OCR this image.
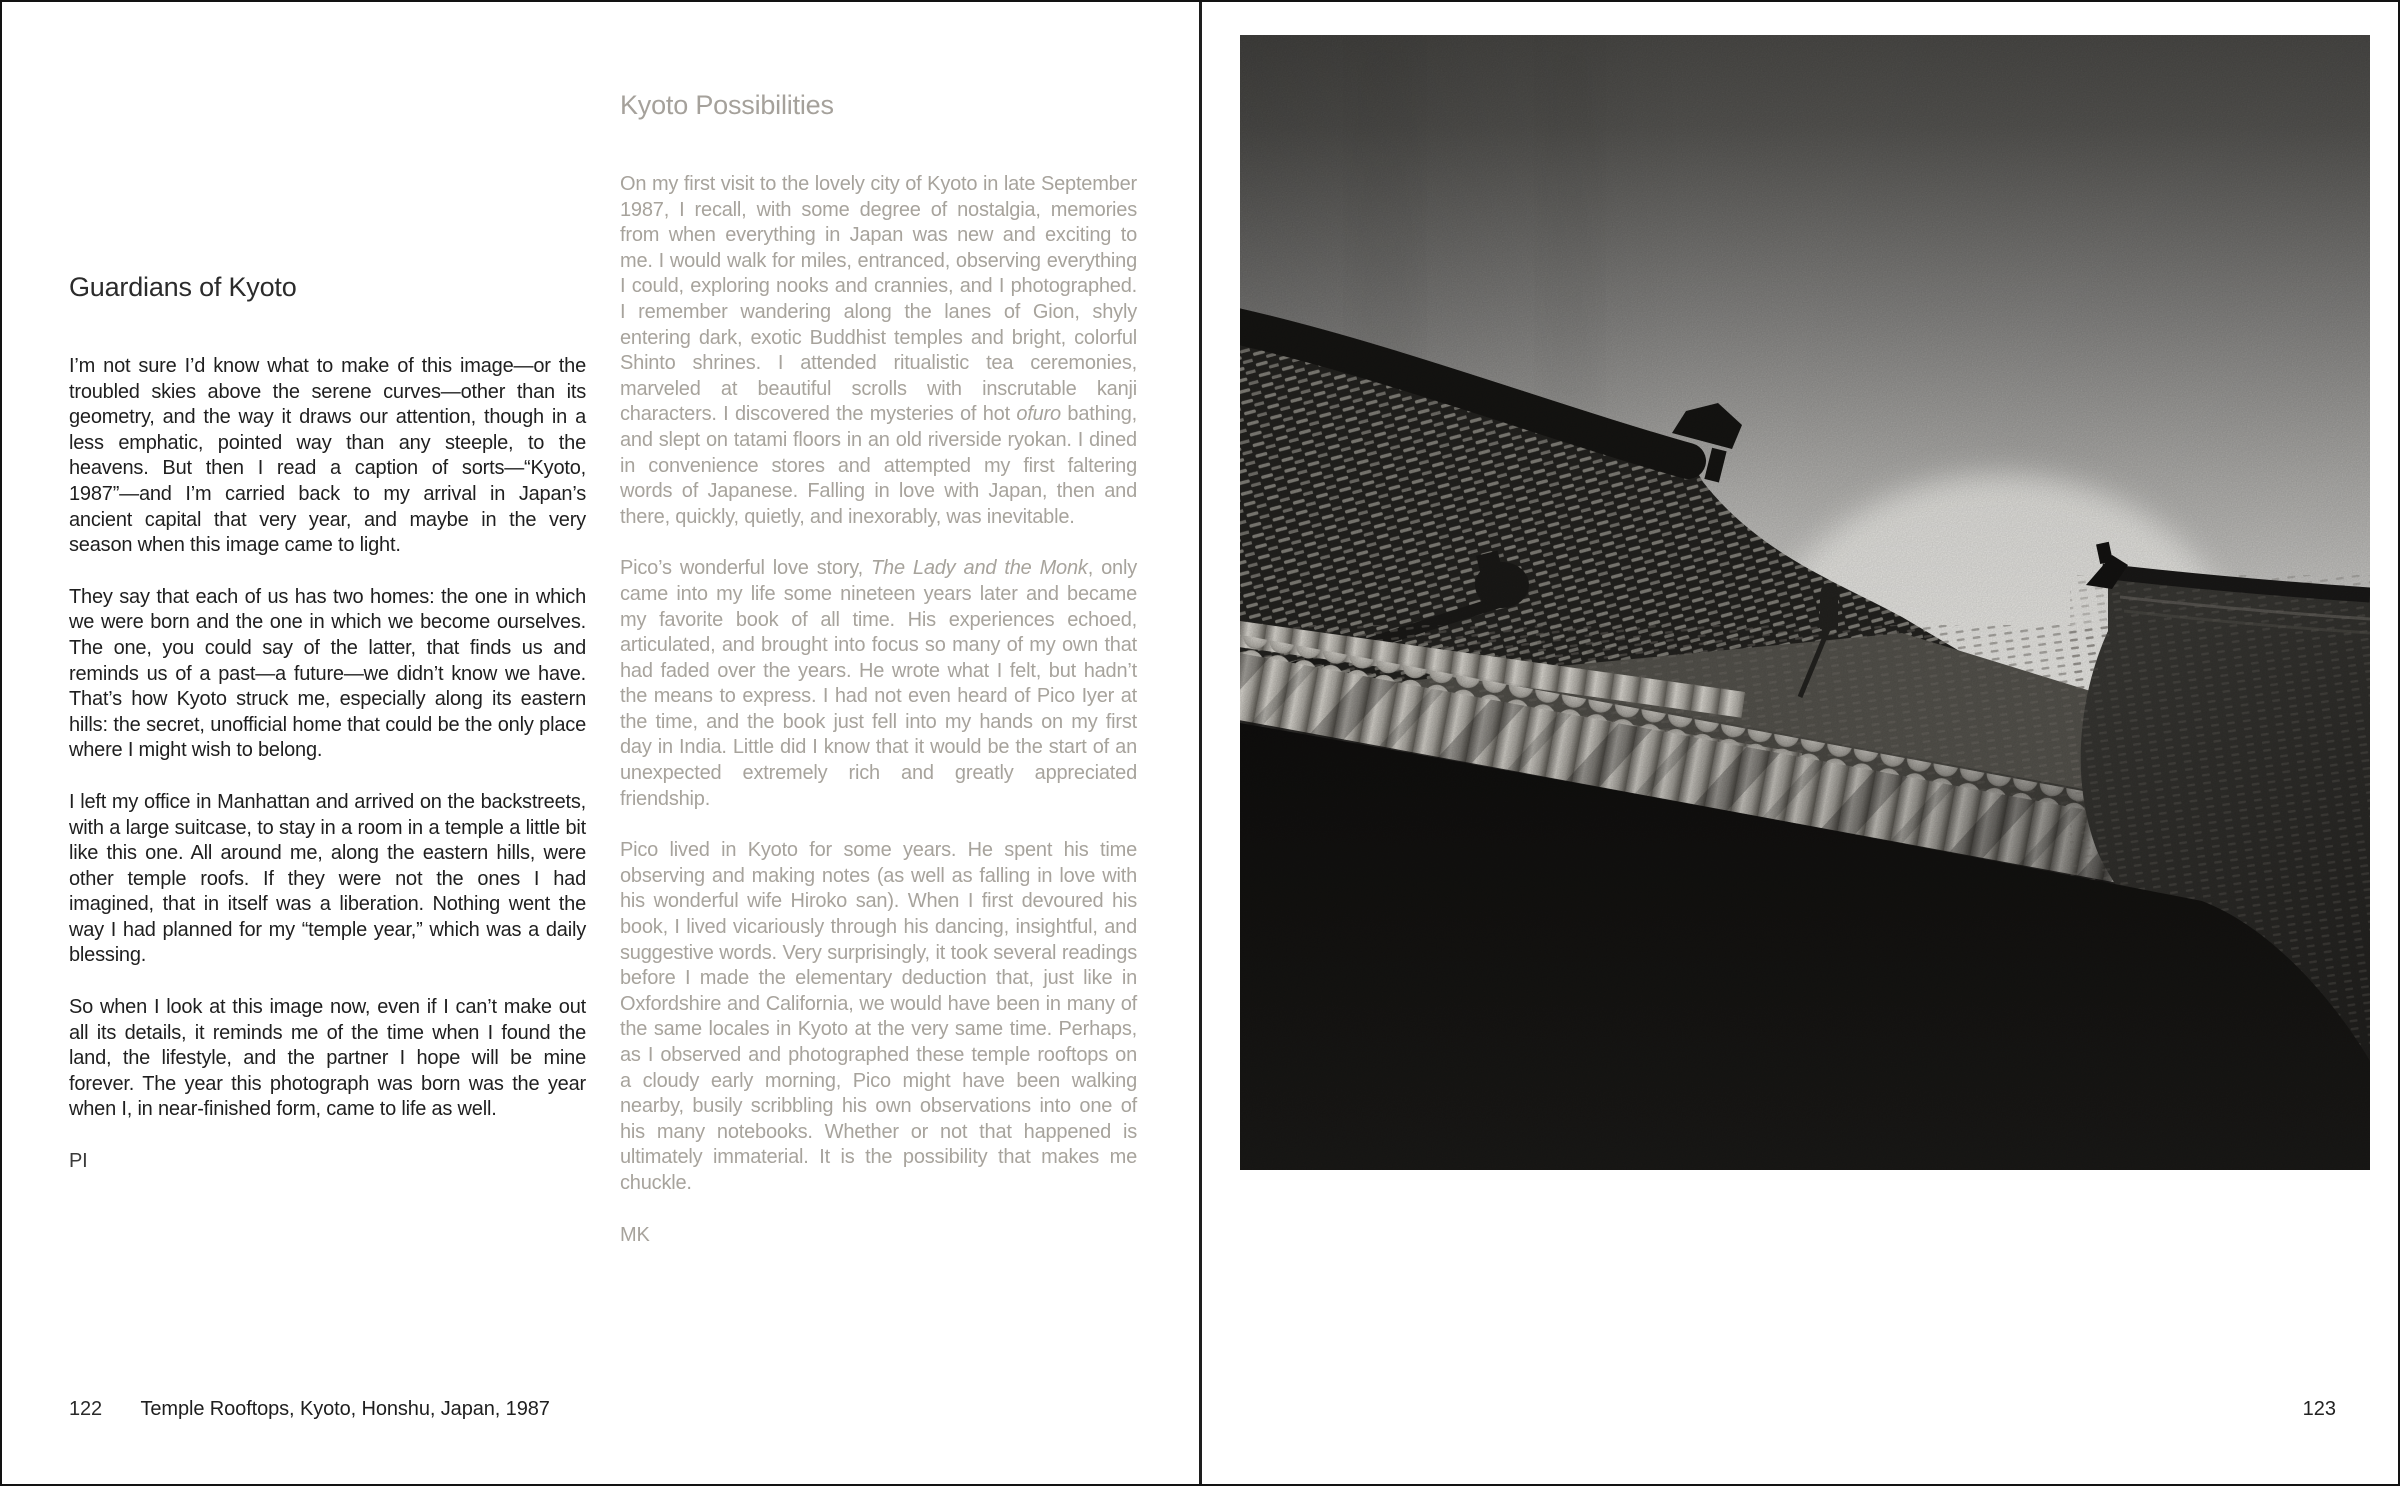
Guardians of Kyoto

I’m not sure I’d know what to make of this image—or the troubled skies above the serene curves—other than its geometry, and the way it draws our attention, though in a less emphatic, pointed way than any steeple, to the heavens. But then I read a caption of sorts—“Kyoto, 1987”—and I’m carried back to my arrival in Japan’s ancient capital that very year, and maybe in the very season when this image came to light.

They say that each of us has two homes: the one in which we were born and the one in which we become ourselves. The one, you could say of the latter, that finds us and reminds us of a past—a future—we didn’t know we have. That’s how Kyoto struck me, especially along its eastern hills: the secret, unofficial home that could be the only place where I might wish to belong.

I left my office in Manhattan and arrived on the backstreets, with a large suitcase, to stay in a room in a temple a little bit like this one. All around me, along the eastern hills, were other temple roofs. If they were not the ones I had imagined, that in itself was a liberation. Nothing went the way I had planned for my “temple year,” which was a daily blessing.

So when I look at this image now, even if I can’t make out all its details, it reminds me of the time when I found the land, the lifestyle, and the partner I hope will be mine forever. The year this photograph was born was the year when I, in near-finished form, came to life as well.

PI

Kyoto Possibilities

On my first visit to the lovely city of Kyoto in late September 1987, I recall, with some degree of nostalgia, memories from when everything in Japan was new and exciting to me. I would walk for miles, entranced, observing everything I could, exploring nooks and crannies, and I photographed. I remember wandering along the lanes of Gion, shyly entering dark, exotic Buddhist temples and bright, colorful Shinto shrines. I attended ritualistic tea ceremonies, marveled at beautiful scrolls with inscrutable kanji characters. I discovered the mysteries of hot ofuro bathing, and slept on tatami floors in an old riverside ryokan. I dined in convenience stores and attempted my first faltering words of Japanese. Falling in love with Japan, then and there, quickly, quietly, and inexorably, was inevitable.

Pico’s wonderful love story, The Lady and the Monk, only came into my life some nineteen years later and became my favorite book of all time. His experiences echoed, articulated, and brought into focus so many of my own that had faded over the years. He wrote what I felt, but hadn’t the means to express. I had not even heard of Pico Iyer at the time, and the book just fell into my hands on my first day in India. Little did I know that it would be the start of an unexpected extremely rich and greatly appreciated friendship.

Pico lived in Kyoto for some years. He spent his time observing and making notes (as well as falling in love with his wonderful wife Hiroko san). When I first devoured his book, I lived vicariously through his dancing, insightful, and suggestive words. Very surprisingly, it took several readings before I made the elementary deduction that, just like in Oxfordshire and California, we would have been in many of the same locales in Kyoto at the very same time. Perhaps, as I observed and photographed these temple rooftops on a cloudy early morning, Pico might have been walking nearby, busily scribbling his own observations into one of his many notebooks. Whether or not that happened is ultimately immaterial. It is the possibility that makes me chuckle.

MK

122 Temple Rooftops, Kyoto, Honshu, Japan, 1987	123
